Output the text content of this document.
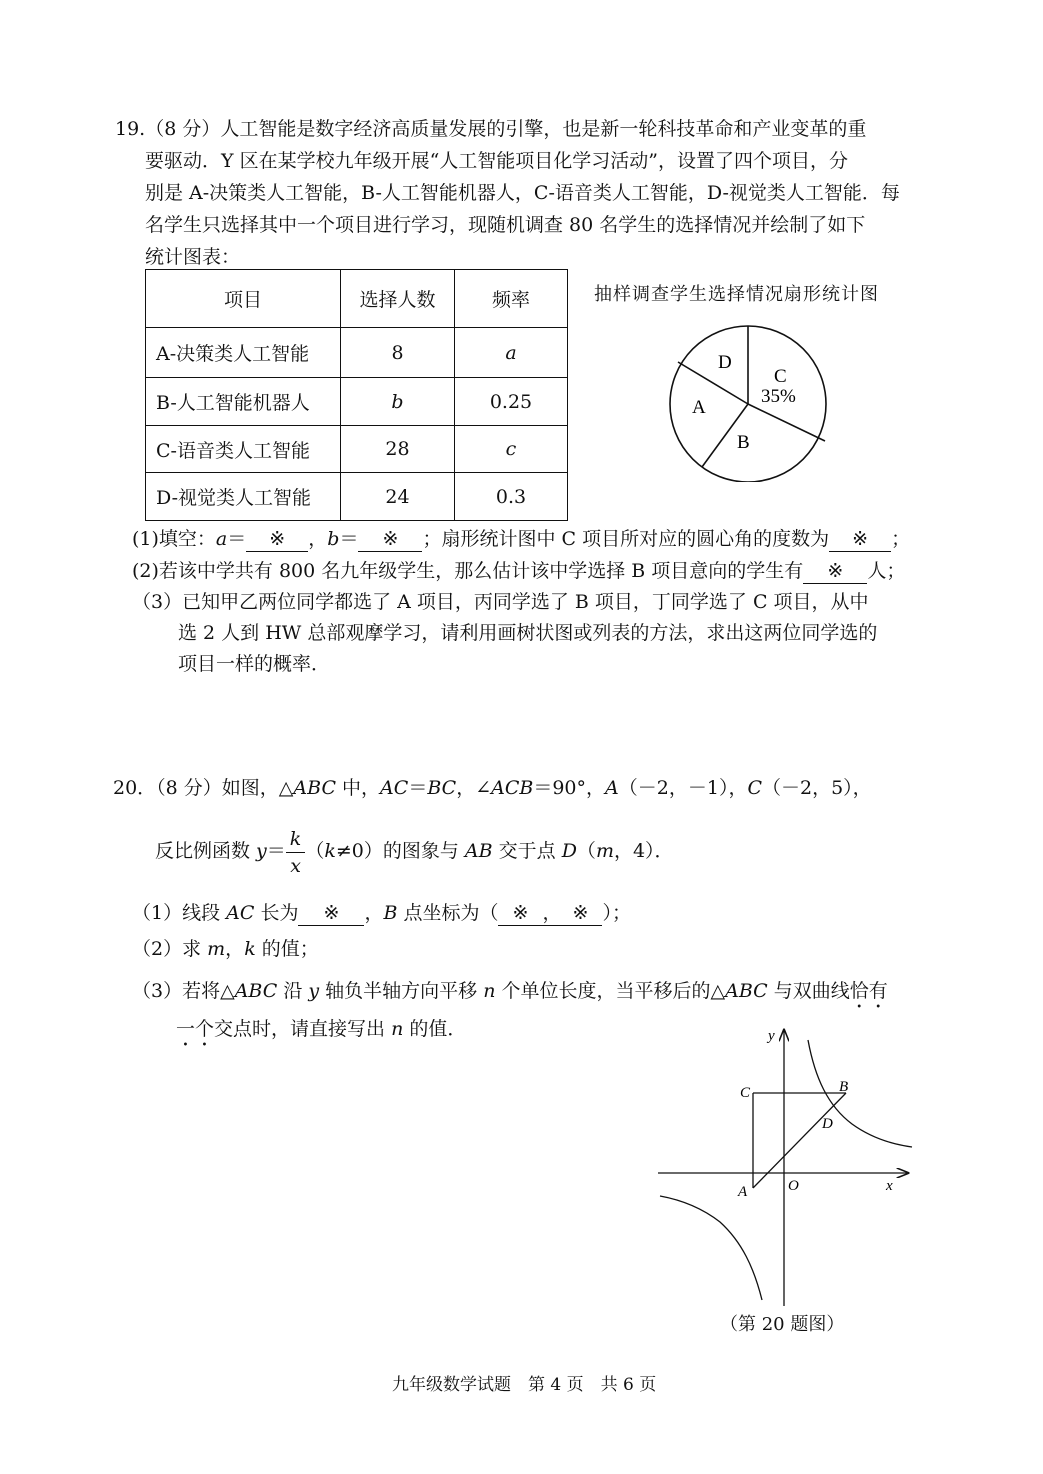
19.（8 分）人工智能是数字经济高质量发展的引擎，也是新一轮科技革命和产业变革的重
要驱动．Y 区在某学校九年级开展“人工智能项目化学习活动”，设置了四个项目，分
别是 A-决策类人工智能，B-人工智能机器人，C-语音类人工智能，D-视觉类人工智能．每
名学生只选择其中一个项目进行学习，现随机调查 80 名学生的选择情况并绘制了如下
统计图表：
项目	选择人数	频率
A-决策类人工智能	8	a
B-人工智能机器人	b	0.25
C-语音类人工智能	28	c
D-视觉类人工智能	24	0.3
抽样调查学生选择情况扇形统计图
D
C
35%
A
B
(1)填空：a＝ ※ ，b＝ ※ ；扇形统计图中 C 项目所对应的圆心角的度数为 ※ ；
(2)若该中学共有 800 名九年级学生，那么估计该中学选择 B 项目意向的学生有 ※ 人；
（3）已知甲乙两位同学都选了 A 项目，丙同学选了 B 项目，丁同学选了 C 项目，从中
选 2 人到 HW 总部观摩学习，请利用画树状图或列表的方法，求出这两位同学选的
项目一样的概率．
20．（8 分）如图，△ABC 中，AC＝BC，∠ACB＝90°，A（－2，－1），C（－2，5），
反比例函数 $y= \frac{k}{x} (k\ne 0)$的图象与 AB 交于点 D（m，4）．
（1）线段 AC 长为 ※ ，B 点坐标为（ ※ ， ※ ）；
（2）求 m，k 的值；
（3）若将△ABC 沿 y 轴负半轴方向平移 n 个单位长度，当平移后的△ABC 与双曲线恰有
一个交点时，请直接写出 n 的值．	y
x
O
A
C	B
D
（第 20 题图）
九年级数学试题　第 4 页　共 6 页
